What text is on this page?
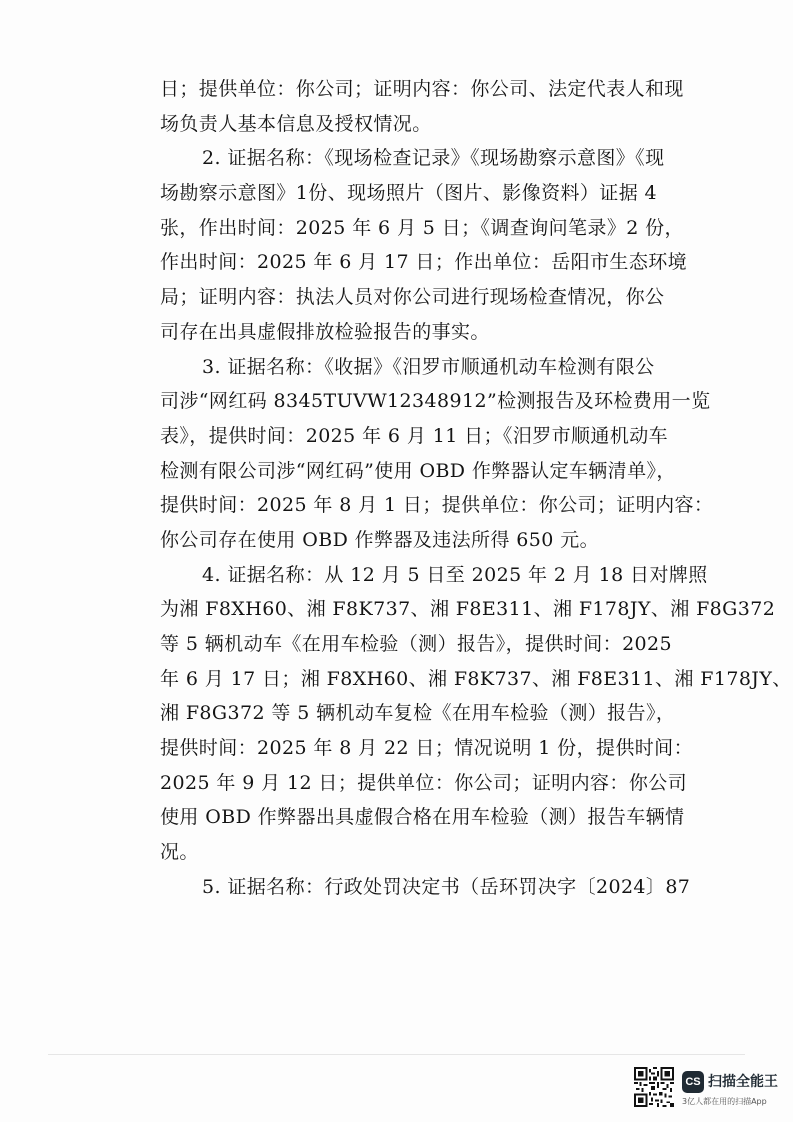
日；提供单位：你公司；证明内容：你公司、法定代表人和现
场负责人基本信息及授权情况。
2. 证据名称：《现场检查记录》《现场勘察示意图》《现
场勘察示意图》1份、现场照片（图片、影像资料）证据 4
张，作出时间：2025 年 6 月 5 日；《调查询问笔录》2 份，
作出时间：2025 年 6 月 17 日；作出单位：岳阳市生态环境
局；证明内容：执法人员对你公司进行现场检查情况，你公
司存在出具虚假排放检验报告的事实。
3. 证据名称：《收据》《汨罗市顺通机动车检测有限公
司涉“网红码 8345TUVW12348912”检测报告及环检费用一览
表》，提供时间：2025 年 6 月 11 日；《汨罗市顺通机动车
检测有限公司涉“网红码”使用 OBD 作弊器认定车辆清单》，
提供时间：2025 年 8 月 1 日；提供单位：你公司；证明内容：
你公司存在使用 OBD 作弊器及违法所得 650 元。
4. 证据名称：从 12 月 5 日至 2025 年 2 月 18 日对牌照
为湘 F8XH60、湘 F8K737、湘 F8E311、湘 F178JY、湘 F8G372
等 5 辆机动车《在用车检验（测）报告》，提供时间：2025
年 6 月 17 日；湘 F8XH60、湘 F8K737、湘 F8E311、湘 F178JY、
湘 F8G372 等 5 辆机动车复检《在用车检验（测）报告》，
提供时间：2025 年 8 月 22 日；情况说明 1 份，提供时间：
2025 年 9 月 12 日；提供单位：你公司；证明内容：你公司
使用 OBD 作弊器出具虚假合格在用车检验（测）报告车辆情
况。
5. 证据名称：行政处罚决定书（岳环罚决字〔2024〕87
CS 扫描全能王
3亿人都在用的扫描App
